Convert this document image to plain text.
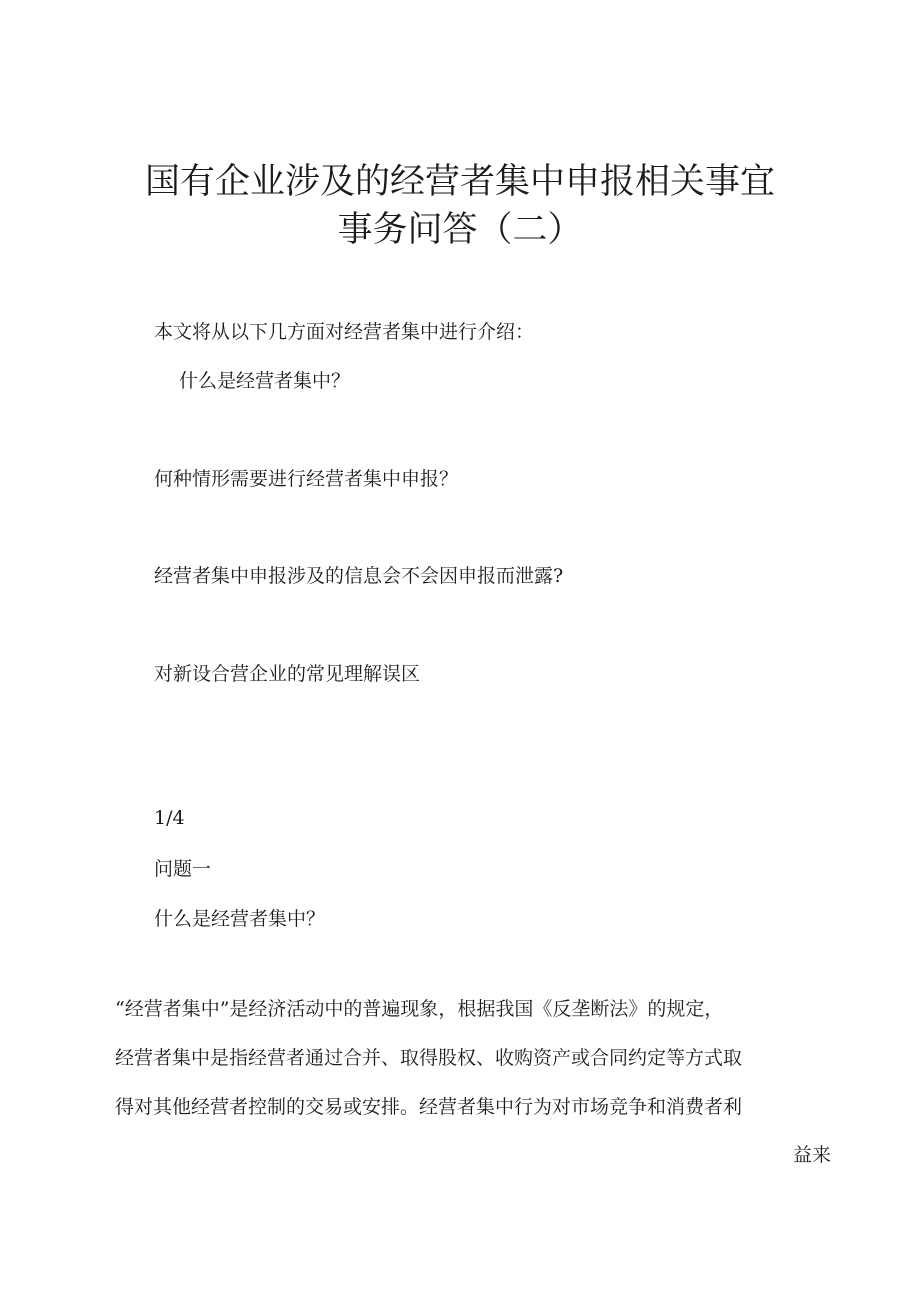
国有企业涉及的经营者集中申报相关事宜
事务问答（二）
本文将从以下几方面对经营者集中进行介绍：
什么是经营者集中？
何种情形需要进行经营者集中申报？
经营者集中申报涉及的信息会不会因申报而泄露?
对新设合营企业的常见理解误区
1/4
问题一
什么是经营者集中？
“经营者集中”是经济活动中的普遍现象，根据我国《反垄断法》的规定，
经营者集中是指经营者通过合并、取得股权、收购资产或合同约定等方式取
得对其他经营者控制的交易或安排。经营者集中行为对市场竞争和消费者利
益来
